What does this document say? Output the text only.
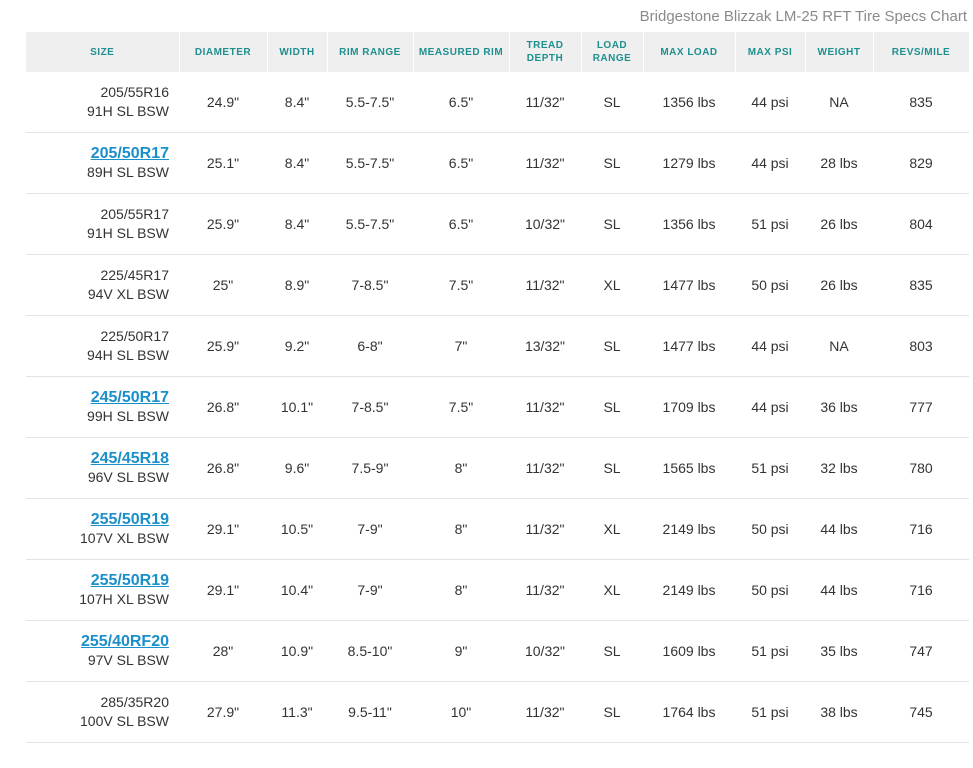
Bridgestone Blizzak LM-25 RFT Tire Specs Chart
SIZE	DIAMETER	WIDTH	RIM RANGE	MEASURED RIM	TREAD DEPTH	LOAD RANGE	MAX LOAD	MAX PSI	WEIGHT	REVS/MILE
205/55R16
91H SL BSW	24.9"	8.4"	5.5-7.5"	6.5"	11/32"	SL	1356 lbs	44 psi	NA	835
205/50R17
89H SL BSW	25.1"	8.4"	5.5-7.5"	6.5"	11/32"	SL	1279 lbs	44 psi	28 lbs	829
205/55R17
91H SL BSW	25.9"	8.4"	5.5-7.5"	6.5"	10/32"	SL	1356 lbs	51 psi	26 lbs	804
225/45R17
94V XL BSW	25"	8.9"	7-8.5"	7.5"	11/32"	XL	1477 lbs	50 psi	26 lbs	835
225/50R17
94H SL BSW	25.9"	9.2"	6-8"	7"	13/32"	SL	1477 lbs	44 psi	NA	803
245/50R17
99H SL BSW	26.8"	10.1"	7-8.5"	7.5"	11/32"	SL	1709 lbs	44 psi	36 lbs	777
245/45R18
96V SL BSW	26.8"	9.6"	7.5-9"	8"	11/32"	SL	1565 lbs	51 psi	32 lbs	780
255/50R19
107V XL BSW	29.1"	10.5"	7-9"	8"	11/32"	XL	2149 lbs	50 psi	44 lbs	716
255/50R19
107H XL BSW	29.1"	10.4"	7-9"	8"	11/32"	XL	2149 lbs	50 psi	44 lbs	716
255/40RF20
97V SL BSW	28"	10.9"	8.5-10"	9"	10/32"	SL	1609 lbs	51 psi	35 lbs	747
285/35R20
100V SL BSW	27.9"	11.3"	9.5-11"	10"	11/32"	SL	1764 lbs	51 psi	38 lbs	745
